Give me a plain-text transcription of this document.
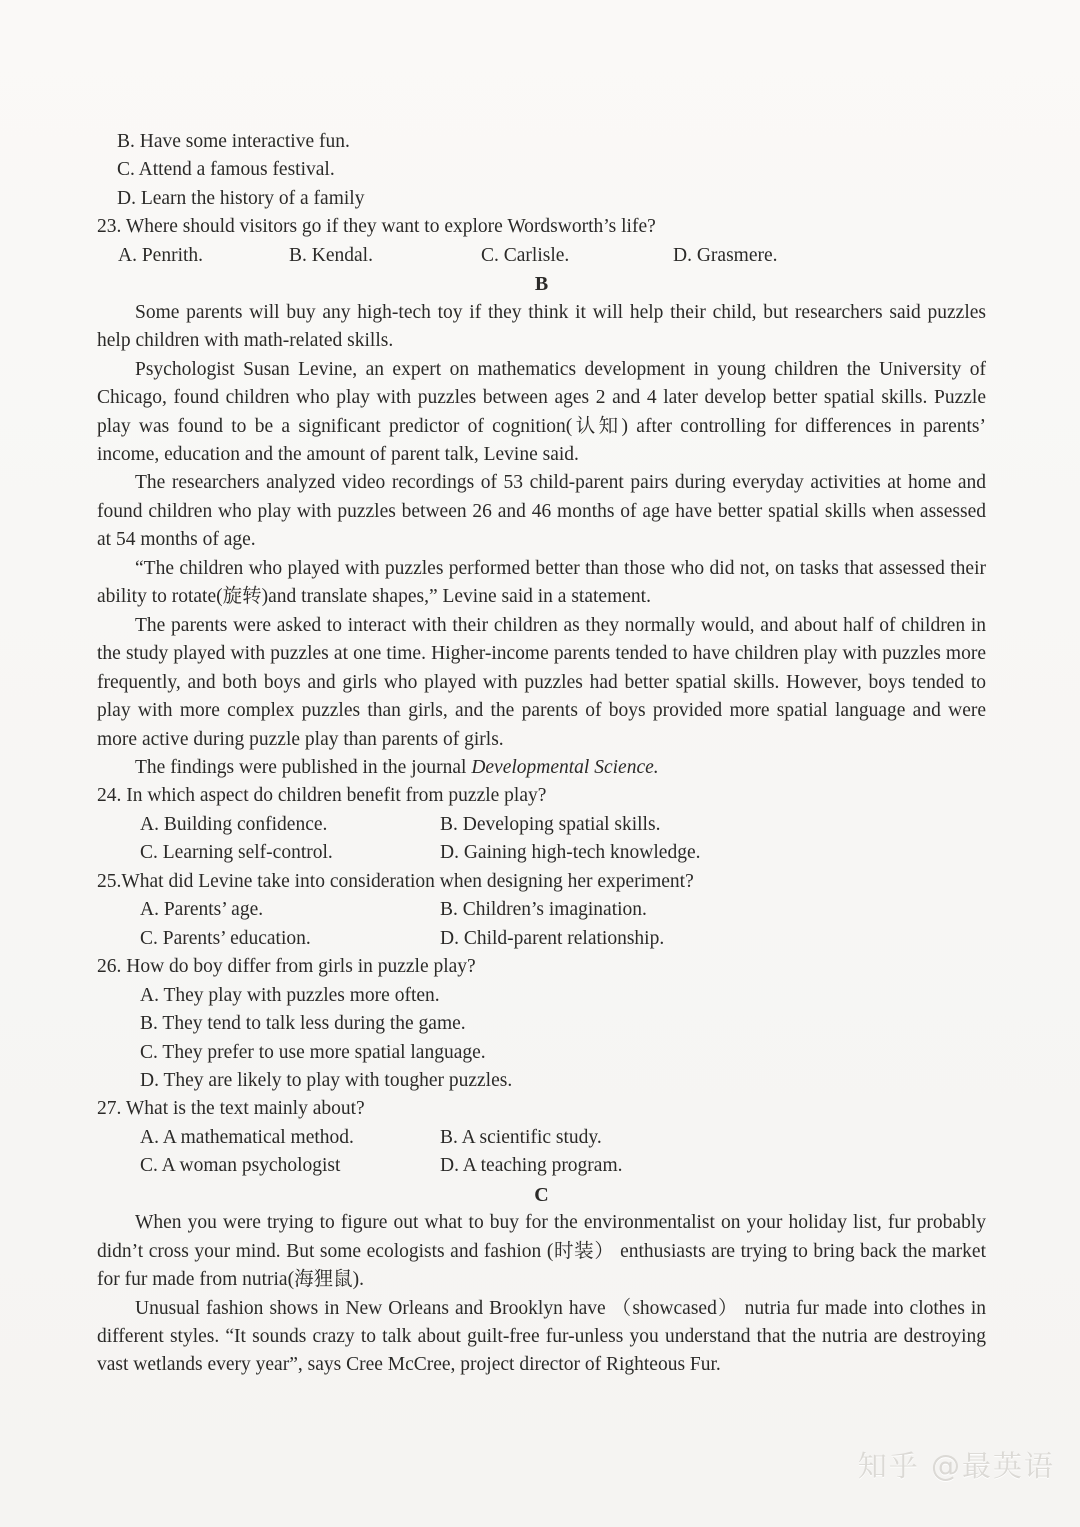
B. Have some interactive fun.
C. Attend a famous festival.
D. Learn the history of a family
23. Where should visitors go if they want to explore Wordsworth’s life?
A. Penrith.	B. Kendal.	C. Carlisle.	D. Grasmere.
B

Some parents will buy any high-tech toy if they think it will help their child, but researchers said puzzles help children with math-related skills.

Psychologist Susan Levine, an expert on mathematics development in young children the University of Chicago, found children who play with puzzles between ages 2 and 4 later develop better spatial skills. Puzzle play was found to be a significant predictor of cognition(认知) after controlling for differences in parents’ income, education and the amount of parent talk, Levine said.

The researchers analyzed video recordings of 53 child-parent pairs during everyday activities at home and found children who play with puzzles between 26 and 46 months of age have better spatial skills when assessed at 54 months of age.

“The children who played with puzzles performed better than those who did not, on tasks that assessed their ability to rotate(旋转)and translate shapes,” Levine said in a statement.

The parents were asked to interact with their children as they normally would, and about half of children in the study played with puzzles at one time. Higher-income parents tended to have children play with puzzles more frequently, and both boys and girls who played with puzzles had better spatial skills. However, boys tended to play with more complex puzzles than girls, and the parents of boys provided more spatial language and were more active during puzzle play than parents of girls.

The findings were published in the journal Developmental Science.

24. In which aspect do children benefit from puzzle play?
A. Building confidence.	B. Developing spatial skills.
C. Learning self-control.	D. Gaining high-tech knowledge.
25.What did Levine take into consideration when designing her experiment?
A. Parents’ age.	B. Children’s imagination.
C. Parents’ education.	D. Child-parent relationship.
26. How do boy differ from girls in puzzle play?
A. They play with puzzles more often.
B. They tend to talk less during the game.
C. They prefer to use more spatial language.
D. They are likely to play with tougher puzzles.
27. What is the text mainly about?
A. A mathematical method.	B. A scientific study.
C. A woman psychologist	D. A teaching program.
C

When you were trying to figure out what to buy for the environmentalist on your holiday list, fur probably didn’t cross your mind. But some ecologists and fashion (时装） enthusiasts are trying to bring back the market for fur made from nutria(海狸鼠).

Unusual fashion shows in New Orleans and Brooklyn have （showcased） nutria fur made into clothes in different styles. “It sounds crazy to talk about guilt-free fur-unless you understand that the nutria are destroying vast wetlands every year”, says Cree McCree, project director of Righteous Fur.

知乎 @最英语
